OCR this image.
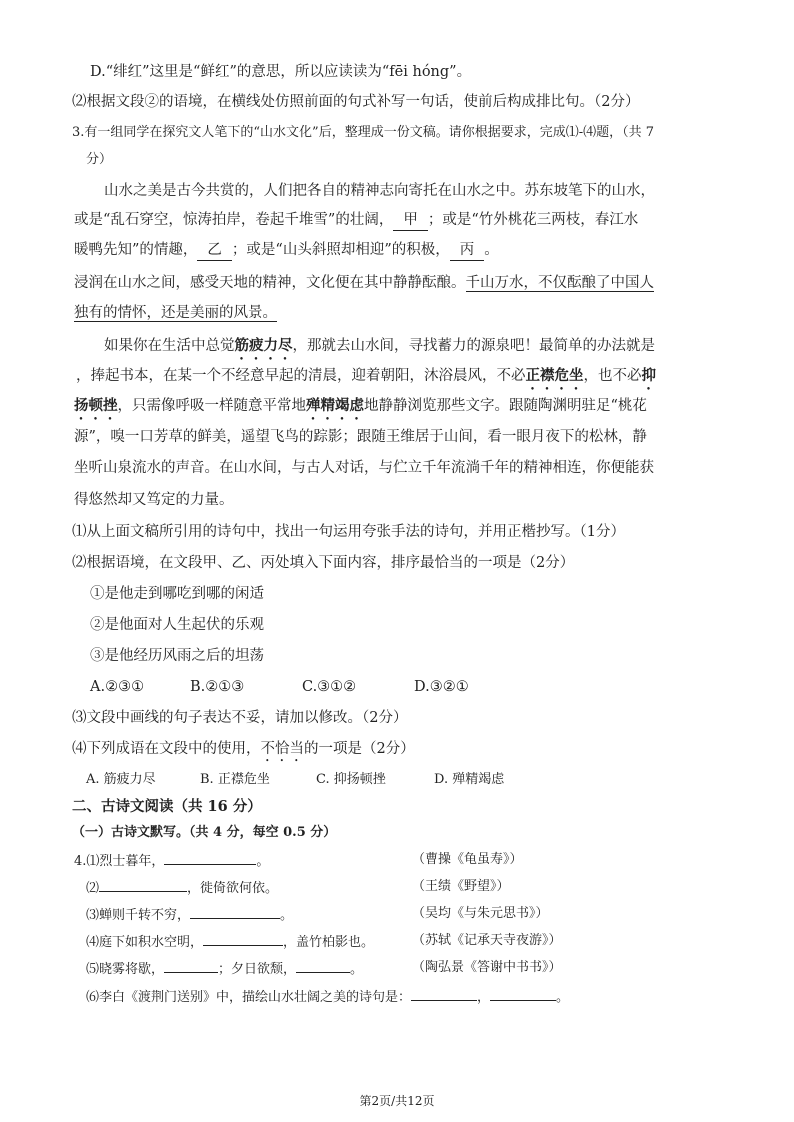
D.“绯红”这里是“鲜红”的意思，所以应读读为“fēi hóng”。
⑵根据文段②的语境，在横线处仿照前面的句式补写一句话，使前后构成排比句。（2分）
3.有一组同学在探究文人笔下的“山水文化”后，整理成一份文稿。请你根据要求，完成⑴-⑷题，（共 7
分）
山水之美是古今共赏的，人们把各自的精神志向寄托在山水之中。苏东坡笔下的山水，
或是“乱石穿空，惊涛拍岸，卷起千堆雪”的壮阔， 甲 ；或是“竹外桃花三两枝，春江水
暖鸭先知”的情趣， 乙 ；或是“山头斜照却相迎”的积极， 丙 。
浸润在山水之间，感受天地的精神，文化便在其中静静酝酿。千山万水，不仅酝酿了中国人
独有的情怀，还是美丽的风景。
如果你在生活中总觉筋疲力尽，那就去山水间，寻找蓄力的源泉吧！最简单的办法就是
，捧起书本，在某一个不经意早起的清晨，迎着朝阳，沐浴晨风，不必正襟危坐，也不必抑
扬顿挫，只需像呼吸一样随意平常地殚精竭虑地静静浏览那些文字。跟随陶渊明驻足“桃花
源”，嗅一口芳草的鲜美，遥望飞鸟的踪影；跟随王维居于山间，看一眼月夜下的松林，静
坐听山泉流水的声音。在山水间，与古人对话，与伫立千年流淌千年的精神相连，你便能获
得悠然却又笃定的力量。
⑴从上面文稿所引用的诗句中，找出一句运用夸张手法的诗句，并用正楷抄写。（1分）
⑵根据语境，在文段甲、乙、丙处填入下面内容，排序最恰当的一项是（2分）
①是他走到哪吃到哪的闲适
②是他面对人生起伏的乐观
③是他经历风雨之后的坦荡
A.②③①	B.②①③	C.③①②	D.③②①
⑶文段中画线的句子表达不妥，请加以修改。（2分）
⑷下列成语在文段中的使用，不恰当的一项是（2分）
A. 筋疲力尽	B. 正襟危坐	C. 抑扬顿挫	D. 殚精竭虑
二、古诗文阅读（共 16 分）
（一）古诗文默写。（共 4 分，每空 0.5 分）
4.⑴烈士暮年，	。	（曹操《龟虽寿》）
⑵	，徙倚欲何依。	（王绩《野望》）
⑶蝉则千转不穷，	。	（吴均《与朱元思书》）
⑷庭下如积水空明，	，盖竹柏影也。	（苏轼《记承天寺夜游》）
⑸晓雾将歇，	；夕日欲颓，	。	（陶弘景《答谢中书书》）
⑹李白《渡荆门送别》中，描绘山水壮阔之美的诗句是：	，	。
第2页/共12页
